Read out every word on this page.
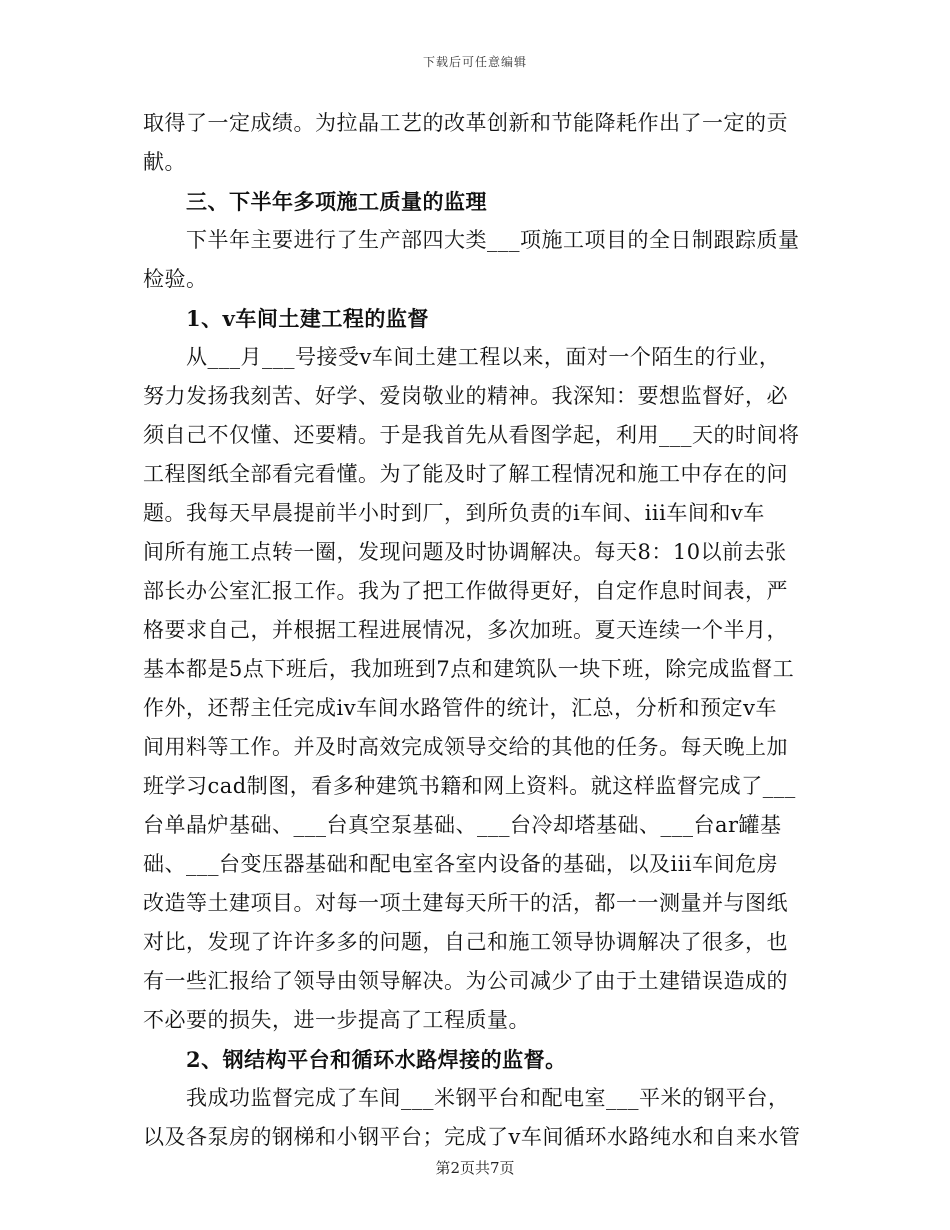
下载后可任意编辑
取得了一定成绩。为拉晶工艺的改革创新和节能降耗作出了一定的贡
献。
三、下半年多项施工质量的监理
下半年主要进行了生产部四大类___项施工项目的全日制跟踪质量
检验。
1、v车间土建工程的监督
从___月___号接受v车间土建工程以来，面对一个陌生的行业，
努力发扬我刻苦、好学、爱岗敬业的精神。我深知：要想监督好，必
须自己不仅懂、还要精。于是我首先从看图学起，利用___天的时间将
工程图纸全部看完看懂。为了能及时了解工程情况和施工中存在的问
题。我每天早晨提前半小时到厂，到所负责的i车间、iii车间和v车
间所有施工点转一圈，发现问题及时协调解决。每天8：10以前去张
部长办公室汇报工作。我为了把工作做得更好，自定作息时间表，严
格要求自己，并根据工程进展情况，多次加班。夏天连续一个半月，
基本都是5点下班后，我加班到7点和建筑队一块下班，除完成监督工
作外，还帮主任完成iv车间水路管件的统计，汇总，分析和预定v车
间用料等工作。并及时高效完成领导交给的其他的任务。每天晚上加
班学习cad制图，看多种建筑书籍和网上资料。就这样监督完成了___
台单晶炉基础、___台真空泵基础、___台冷却塔基础、___台ar罐基
础、___台变压器基础和配电室各室内设备的基础，以及iii车间危房
改造等土建项目。对每一项土建每天所干的活，都一一测量并与图纸
对比，发现了许许多多的问题，自己和施工领导协调解决了很多，也
有一些汇报给了领导由领导解决。为公司减少了由于土建错误造成的
不必要的损失，进一步提高了工程质量。
2、钢结构平台和循环水路焊接的监督。
我成功监督完成了车间___米钢平台和配电室___平米的钢平台，
以及各泵房的钢梯和小钢平台；完成了v车间循环水路纯水和自来水管
第2页共7页
